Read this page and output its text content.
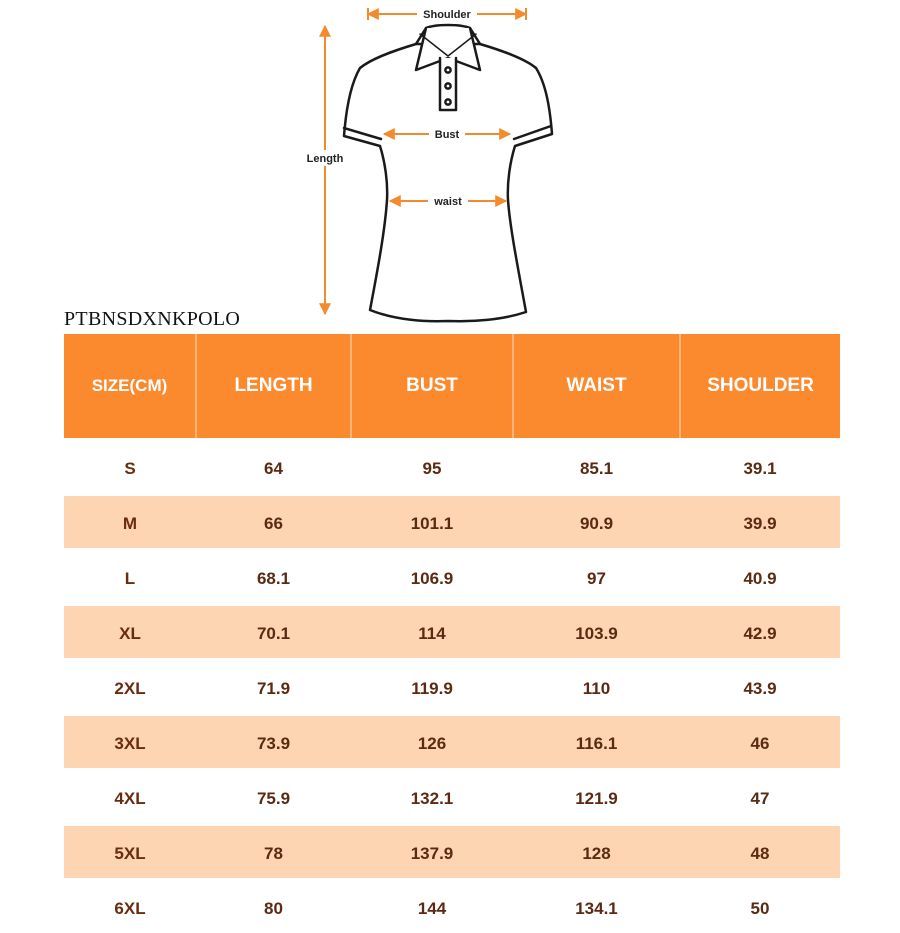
Shoulder
Bust
waist
Length
PTBNSDXNKPOLO
SIZE(CM)	LENGTH	BUST	WAIST	SHOULDER
S	64	95	85.1	39.1
M	66	101.1	90.9	39.9
L	68.1	106.9	97	40.9
XL	70.1	114	103.9	42.9
2XL	71.9	119.9	110	43.9
3XL	73.9	126	116.1	46
4XL	75.9	132.1	121.9	47
5XL	78	137.9	128	48
6XL	80	144	134.1	50
